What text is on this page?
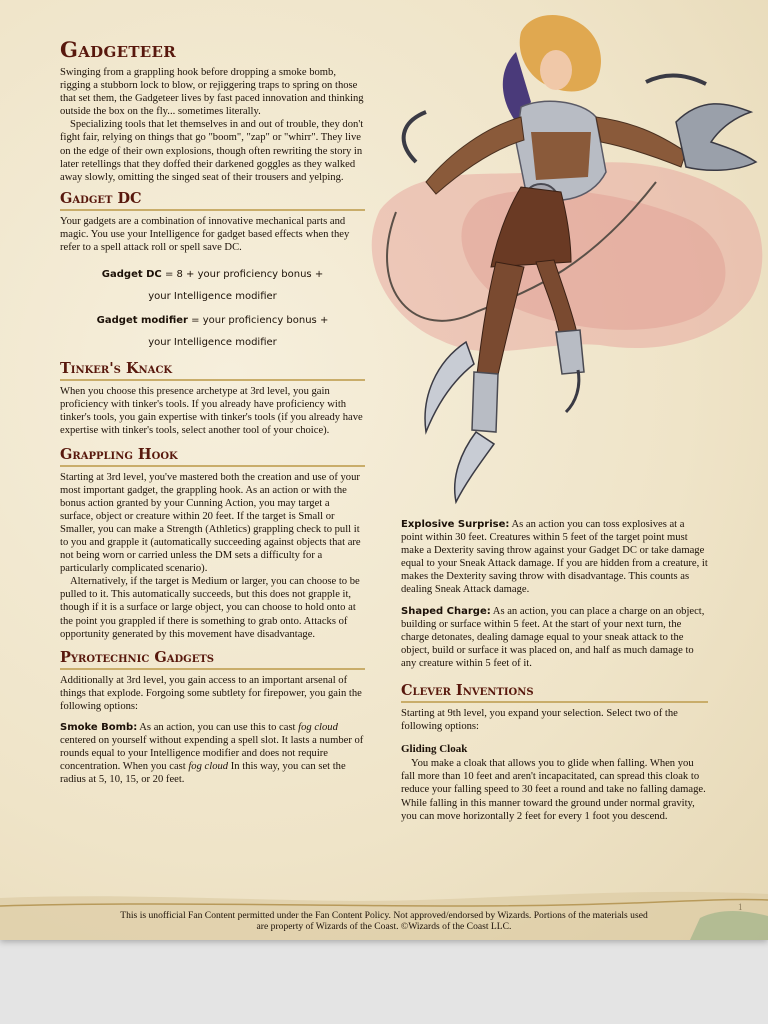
Gadgeteer

Swinging from a grappling hook before dropping a smoke bomb, rigging a stubborn lock to blow, or rejiggering traps to spring on those that set them, the Gadgeteer lives by fast paced innovation and thinking outside the box on the fly... sometimes literally.

Specializing tools that let themselves in and out of trouble, they don't fight fair, relying on things that go "boom", "zap" or "whirr". They live on the edge of their own explosions, though often rewriting the story in later retellings that they doffed their darkened goggles as they walked away slowly, omitting the singed seat of their trousers and yelping.

Gadget DC

Your gadgets are a combination of innovative mechanical parts and magic. You use your Intelligence for gadget based effects when they refer to a spell attack roll or spell save DC.

Gadget DC = 8 + your proficiency bonus +
your Intelligence modifier
Gadget modifier = your proficiency bonus +
your Intelligence modifier
Tinker's Knack

When you choose this presence archetype at 3rd level, you gain proficiency with tinker's tools. If you already have proficiency with tinker's tools, you gain expertise with tinker's tools (if you already have expertise with tinker's tools, select another tool of your choice).

Grappling Hook

Starting at 3rd level, you've mastered both the creation and use of your most important gadget, the grappling hook. As an action or with the bonus action granted by your Cunning Action, you may target a surface, object or creature within 20 feet. If the target is Small or Smaller, you can make a Strength (Athletics) grappling check to pull it to you and grapple it (automatically succeeding against objects that are not being worn or carried unless the DM sets a difficulty for a particularly complicated scenario).

Alternatively, if the target is Medium or larger, you can choose to be pulled to it. This automatically succeeds, but this does not grapple it, though if it is a surface or large object, you can choose to hold onto at the point you grappled if there is something to grab onto. Attacks of opportunity generated by this movement have disadvantage.

Pyrotechnic Gadgets

Additionally at 3rd level, you gain access to an important arsenal of things that explode. Forgoing some subtlety for firepower, you gain the following options:

Smoke Bomb: As an action, you can use this to cast fog cloud centered on yourself without expending a spell slot. It lasts a number of rounds equal to your Intelligence modifier and does not require concentration. When you cast fog cloud In this way, you can set the radius at 5, 10, 15, or 20 feet.

Explosive Surprise: As an action you can toss explosives at a point within 30 feet. Creatures within 5 feet of the target point must make a Dexterity saving throw against your Gadget DC or take damage equal to your Sneak Attack damage. If you are hidden from a creature, it makes the Dexterity saving throw with disadvantage. This counts as dealing Sneak Attack damage.

Shaped Charge: As an action, you can place a charge on an object, building or surface within 5 feet. At the start of your next turn, the charge detonates, dealing damage equal to your sneak attack to the object, build or surface it was placed on, and half as much damage to any creature within 5 feet of it.

Clever Inventions

Starting at 9th level, you expand your selection. Select two of the following options:

Gliding Cloak

You make a cloak that allows you to glide when falling. When you fall more than 10 feet and aren't incapacitated, can spread this cloak to reduce your falling speed to 30 feet a round and take no falling damage. While falling in this manner toward the ground under normal gravity, you can move horizontally 2 feet for every 1 foot you descend.

This is unofficial Fan Content permitted under the Fan Content Policy. Not approved/endorsed by Wizards. Portions of the materials used
are property of Wizards of the Coast. ©Wizards of the Coast LLC.
1
